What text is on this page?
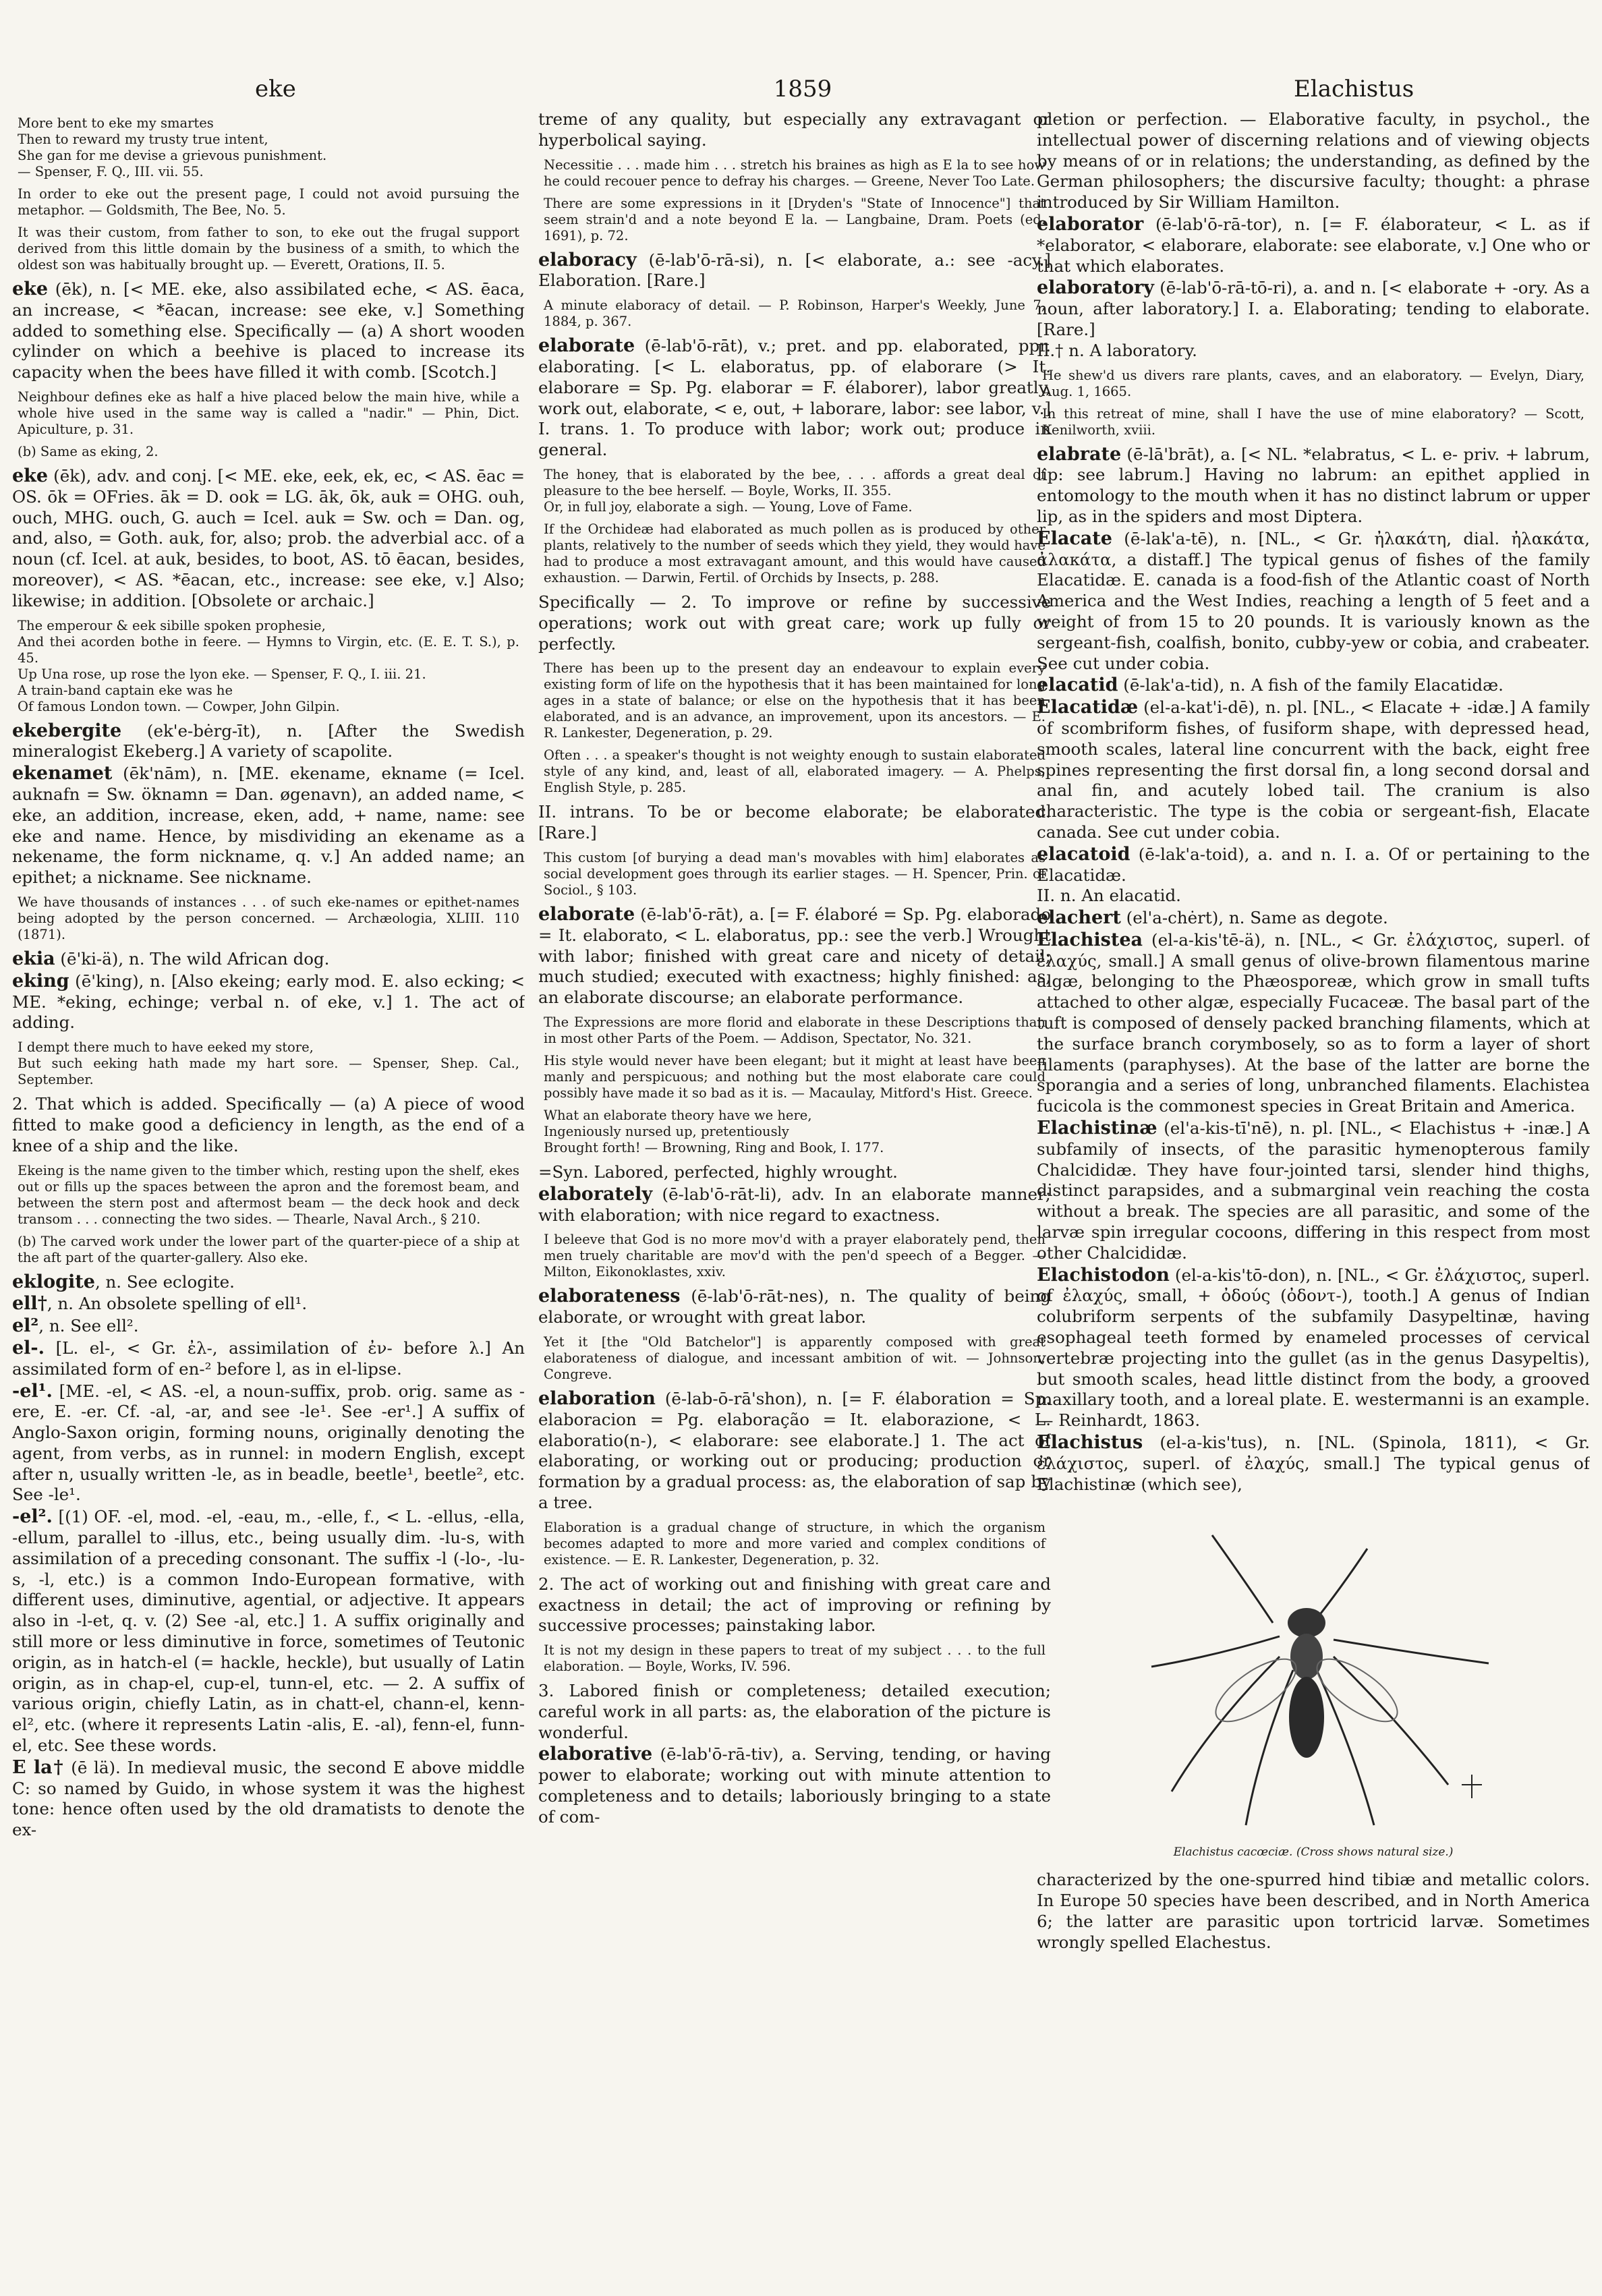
eke	1859	Elachistus
More bent to eke my smartes
Then to reward my trusty true intent,
She gan for me devise a grievous punishment.
— Spenser, F. Q., III. vii. 55.
In order to eke out the present page, I could not avoid pursuing the metaphor. — Goldsmith, The Bee, No. 5.
It was their custom, from father to son, to eke out the frugal support derived from this little domain by the business of a smith, to which the oldest son was habitually brought up. — Everett, Orations, II. 5.
eke (ēk), n. [< ME. eke, also assibilated eche, < AS. ēaca, an increase, < *ēacan, increase: see eke, v.] Something added to something else. Specifically — (a) A short wooden cylinder on which a beehive is placed to increase its capacity when the bees have filled it with comb. [Scotch.]
Neighbour defines eke as half a hive placed below the main hive, while a whole hive used in the same way is called a "nadir." — Phin, Dict. Apiculture, p. 31.
(b) Same as eking, 2.
eke (ēk), adv. and conj. [< ME. eke, eek, ek, ec, < AS. ēac = OS. ōk = OFries. āk = D. ook = LG. āk, ōk, auk = OHG. ouh, ouch, MHG. ouch, G. auch = Icel. auk = Sw. och = Dan. og, and, also, = Goth. auk, for, also; prob. the adverbial acc. of a noun (cf. Icel. at auk, besides, to boot, AS. tō ēacan, besides, moreover), < AS. *ēacan, etc., increase: see eke, v.] Also; likewise; in addition. [Obsolete or archaic.]
The emperour & eek sibille spoken prophesie,
And thei acorden bothe in feere. — Hymns to Virgin, etc. (E. E. T. S.), p. 45.
Up Una rose, up rose the lyon eke. — Spenser, F. Q., I. iii. 21.
A train-band captain eke was he
Of famous London town. — Cowper, John Gilpin.
ekebergite (ek'e-bėrg-īt), n. [After the Swedish mineralogist Ekeberg.] A variety of scapolite.
ekenamet (ēk'nām), n. [ME. ekename, ekname (= Icel. auknafn = Sw. öknamn = Dan. øgenavn), an added name, < eke, an addition, increase, eken, add, + name, name: see eke and name. Hence, by misdividing an ekename as a nekename, the form nickname, q. v.] An added name; an epithet; a nickname. See nickname.
We have thousands of instances . . . of such eke-names or epithet-names being adopted by the person concerned. — Archæologia, XLIII. 110 (1871).
ekia (ē'ki-ä), n. The wild African dog.
eking (ē'king), n. [Also ekeing; early mod. E. also ecking; < ME. *eking, echinge; verbal n. of eke, v.] 1. The act of adding.
I dempt there much to have eeked my store,
But such eeking hath made my hart sore. — Spenser, Shep. Cal., September.
2. That which is added. Specifically — (a) A piece of wood fitted to make good a deficiency in length, as the end of a knee of a ship and the like.
Ekeing is the name given to the timber which, resting upon the shelf, ekes out or fills up the spaces between the apron and the foremost beam, and between the stern post and aftermost beam — the deck hook and deck transom . . . connecting the two sides. — Thearle, Naval Arch., § 210.
(b) The carved work under the lower part of the quarter-piece of a ship at the aft part of the quarter-gallery. Also eke.
eklogite, n. See eclogite.
ell†, n. An obsolete spelling of ell¹.
el², n. See ell².
el-. [L. el-, < Gr. ἐλ-, assimilation of ἐν- before λ.] An assimilated form of en-² before l, as in el-lipse.
-el¹. [ME. -el, < AS. -el, a noun-suffix, prob. orig. same as -ere, E. -er. Cf. -al, -ar, and see -le¹. See -er¹.] A suffix of Anglo-Saxon origin, forming nouns, originally denoting the agent, from verbs, as in runnel: in modern English, except after n, usually written -le, as in beadle, beetle¹, beetle², etc. See -le¹.
-el². [(1) OF. -el, mod. -el, -eau, m., -elle, f., < L. -ellus, -ella, -ellum, parallel to -illus, etc., being usually dim. -lu-s, with assimilation of a preceding consonant. The suffix -l (-lo-, -lu-s, -l, etc.) is a common Indo-European formative, with different uses, diminutive, agential, or adjective. It appears also in -l-et, q. v. (2) See -al, etc.] 1. A suffix originally and still more or less diminutive in force, sometimes of Teutonic origin, as in hatch-el (= hackle, heckle), but usually of Latin origin, as in chap-el, cup-el, tunn-el, etc. — 2. A suffix of various origin, chiefly Latin, as in chatt-el, chann-el, kenn-el², etc. (where it represents Latin -alis, E. -al), fenn-el, funn-el, etc. See these words.
E la† (ē lä). In medieval music, the second E above middle C: so named by Guido, in whose system it was the highest tone: hence often used by the old dramatists to denote the ex-
treme of any quality, but especially any extravagant or hyperbolical saying.
Necessitie . . . made him . . . stretch his braines as high as E la to see how he could recouer pence to defray his charges. — Greene, Never Too Late.
There are some expressions in it [Dryden's "State of Innocence"] that seem strain'd and a note beyond E la. — Langbaine, Dram. Poets (ed. 1691), p. 72.
elaboracy (ē-lab'ō-rā-si), n. [< elaborate, a.: see -acy.] Elaboration. [Rare.]
A minute elaboracy of detail. — P. Robinson, Harper's Weekly, June 7, 1884, p. 367.
elaborate (ē-lab'ō-rāt), v.; pret. and pp. elaborated, ppr. elaborating. [< L. elaboratus, pp. of elaborare (> It. elaborare = Sp. Pg. elaborar = F. élaborer), labor greatly, work out, elaborate, < e, out, + laborare, labor: see labor, v.] I. trans. 1. To produce with labor; work out; produce in general.
The honey, that is elaborated by the bee, . . . affords a great deal of pleasure to the bee herself. — Boyle, Works, II. 355.
Or, in full joy, elaborate a sigh. — Young, Love of Fame.
If the Orchideæ had elaborated as much pollen as is produced by other plants, relatively to the number of seeds which they yield, they would have had to produce a most extravagant amount, and this would have caused exhaustion. — Darwin, Fertil. of Orchids by Insects, p. 288.
Specifically — 2. To improve or refine by successive operations; work out with great care; work up fully or perfectly.
There has been up to the present day an endeavour to explain every existing form of life on the hypothesis that it has been maintained for long ages in a state of balance; or else on the hypothesis that it has been elaborated, and is an advance, an improvement, upon its ancestors. — E. R. Lankester, Degeneration, p. 29.
Often . . . a speaker's thought is not weighty enough to sustain elaborated style of any kind, and, least of all, elaborated imagery. — A. Phelps, English Style, p. 285.
II. intrans. To be or become elaborate; be elaborated. [Rare.]
This custom [of burying a dead man's movables with him] elaborates as social development goes through its earlier stages. — H. Spencer, Prin. of Sociol., § 103.
elaborate (ē-lab'ō-rāt), a. [= F. élaboré = Sp. Pg. elaborado = It. elaborato, < L. elaboratus, pp.: see the verb.] Wrought with labor; finished with great care and nicety of detail; much studied; executed with exactness; highly finished: as, an elaborate discourse; an elaborate performance.
The Expressions are more florid and elaborate in these Descriptions than in most other Parts of the Poem. — Addison, Spectator, No. 321.
His style would never have been elegant; but it might at least have been manly and perspicuous; and nothing but the most elaborate care could possibly have made it so bad as it is. — Macaulay, Mitford's Hist. Greece.
What an elaborate theory have we here,
Ingeniously nursed up, pretentiously
Brought forth! — Browning, Ring and Book, I. 177.
=Syn. Labored, perfected, highly wrought.
elaborately (ē-lab'ō-rāt-li), adv. In an elaborate manner; with elaboration; with nice regard to exactness.
I beleeve that God is no more mov'd with a prayer elaborately pend, then men truely charitable are mov'd with the pen'd speech of a Begger. — Milton, Eikonoklastes, xxiv.
elaborateness (ē-lab'ō-rāt-nes), n. The quality of being elaborate, or wrought with great labor.
Yet it [the "Old Batchelor"] is apparently composed with great elaborateness of dialogue, and incessant ambition of wit. — Johnson, Congreve.
elaboration (ē-lab-ō-rā'shon), n. [= F. élaboration = Sp. elaboracion = Pg. elaboração = It. elaborazione, < L. elaboratio(n-), < elaborare: see elaborate.] 1. The act of elaborating, or working out or producing; production or formation by a gradual process: as, the elaboration of sap by a tree.
Elaboration is a gradual change of structure, in which the organism becomes adapted to more and more varied and complex conditions of existence. — E. R. Lankester, Degeneration, p. 32.
2. The act of working out and finishing with great care and exactness in detail; the act of improving or refining by successive processes; painstaking labor.
It is not my design in these papers to treat of my subject . . . to the full elaboration. — Boyle, Works, IV. 596.
3. Labored finish or completeness; detailed execution; careful work in all parts: as, the elaboration of the picture is wonderful.
elaborative (ē-lab'ō-rā-tiv), a. Serving, tending, or having power to elaborate; working out with minute attention to completeness and to details; laboriously bringing to a state of com-
pletion or perfection. — Elaborative faculty, in psychol., the intellectual power of discerning relations and of viewing objects by means of or in relations; the understanding, as defined by the German philosophers; the discursive faculty; thought: a phrase introduced by Sir William Hamilton.
elaborator (ē-lab'ō-rā-tor), n. [= F. élaborateur, < L. as if *elaborator, < elaborare, elaborate: see elaborate, v.] One who or that which elaborates.
elaboratory (ē-lab'ō-rā-tō-ri), a. and n. [< elaborate + -ory. As a noun, after laboratory.] I. a. Elaborating; tending to elaborate. [Rare.]
II.† n. A laboratory.
He shew'd us divers rare plants, caves, and an elaboratory. — Evelyn, Diary, Aug. 1, 1665.
In this retreat of mine, shall I have the use of mine elaboratory? — Scott, Kenilworth, xviii.
elabrate (ē-lā'brāt), a. [< NL. *elabratus, < L. e- priv. + labrum, lip: see labrum.] Having no labrum: an epithet applied in entomology to the mouth when it has no distinct labrum or upper lip, as in the spiders and most Diptera.
Elacate (ē-lak'a-tē), n. [NL., < Gr. ἠλακάτη, dial. ἠλακάτα, ἀλακάτα, a distaff.] The typical genus of fishes of the family Elacatidæ. E. canada is a food-fish of the Atlantic coast of North America and the West Indies, reaching a length of 5 feet and a weight of from 15 to 20 pounds. It is variously known as the sergeant-fish, coalfish, bonito, cubby-yew or cobia, and crabeater. See cut under cobia.
elacatid (ē-lak'a-tid), n. A fish of the family Elacatidæ.
Elacatidæ (el-a-kat'i-dē), n. pl. [NL., < Elacate + -idæ.] A family of scombriform fishes, of fusiform shape, with depressed head, smooth scales, lateral line concurrent with the back, eight free spines representing the first dorsal fin, a long second dorsal and anal fin, and acutely lobed tail. The cranium is also characteristic. The type is the cobia or sergeant-fish, Elacate canada. See cut under cobia.
elacatoid (ē-lak'a-toid), a. and n. I. a. Of or pertaining to the Elacatidæ.
II. n. An elacatid.
elachert (el'a-chėrt), n. Same as degote.
Elachistea (el-a-kis'tē-ä), n. [NL., < Gr. ἐλάχιστος, superl. of ἐλαχύς, small.] A small genus of olive-brown filamentous marine algæ, belonging to the Phæosporeæ, which grow in small tufts attached to other algæ, especially Fucaceæ. The basal part of the tuft is composed of densely packed branching filaments, which at the surface branch corymbosely, so as to form a layer of short filaments (paraphyses). At the base of the latter are borne the sporangia and a series of long, unbranched filaments. Elachistea fucicola is the commonest species in Great Britain and America.
Elachistinæ (el'a-kis-tī'nē), n. pl. [NL., < Elachistus + -inæ.] A subfamily of insects, of the parasitic hymenopterous family Chalcididæ. They have four-jointed tarsi, slender hind thighs, distinct parapsides, and a submarginal vein reaching the costa without a break. The species are all parasitic, and some of the larvæ spin irregular cocoons, differing in this respect from most other Chalcididæ.
Elachistodon (el-a-kis'tō-don), n. [NL., < Gr. ἐλάχιστος, superl. of ἐλαχύς, small, + ὀδούς (ὀδοντ-), tooth.] A genus of Indian colubriform serpents of the subfamily Dasypeltinæ, having esophageal teeth formed by enameled processes of cervical vertebræ projecting into the gullet (as in the genus Dasypeltis), but smooth scales, head little distinct from the body, a grooved maxillary tooth, and a loreal plate. E. westermanni is an example. — Reinhardt, 1863.
Elachistus (el-a-kis'tus), n. [NL. (Spinola, 1811), < Gr. ἐλάχιστος, superl. of ἐλαχύς, small.] The typical genus of Elachistinæ (which see),
Elachistus cacœciæ. (Cross shows natural size.)
characterized by the one-spurred hind tibiæ and metallic colors. In Europe 50 species have been described, and in North America 6; the latter are parasitic upon tortricid larvæ. Sometimes wrongly spelled Elachestus.
